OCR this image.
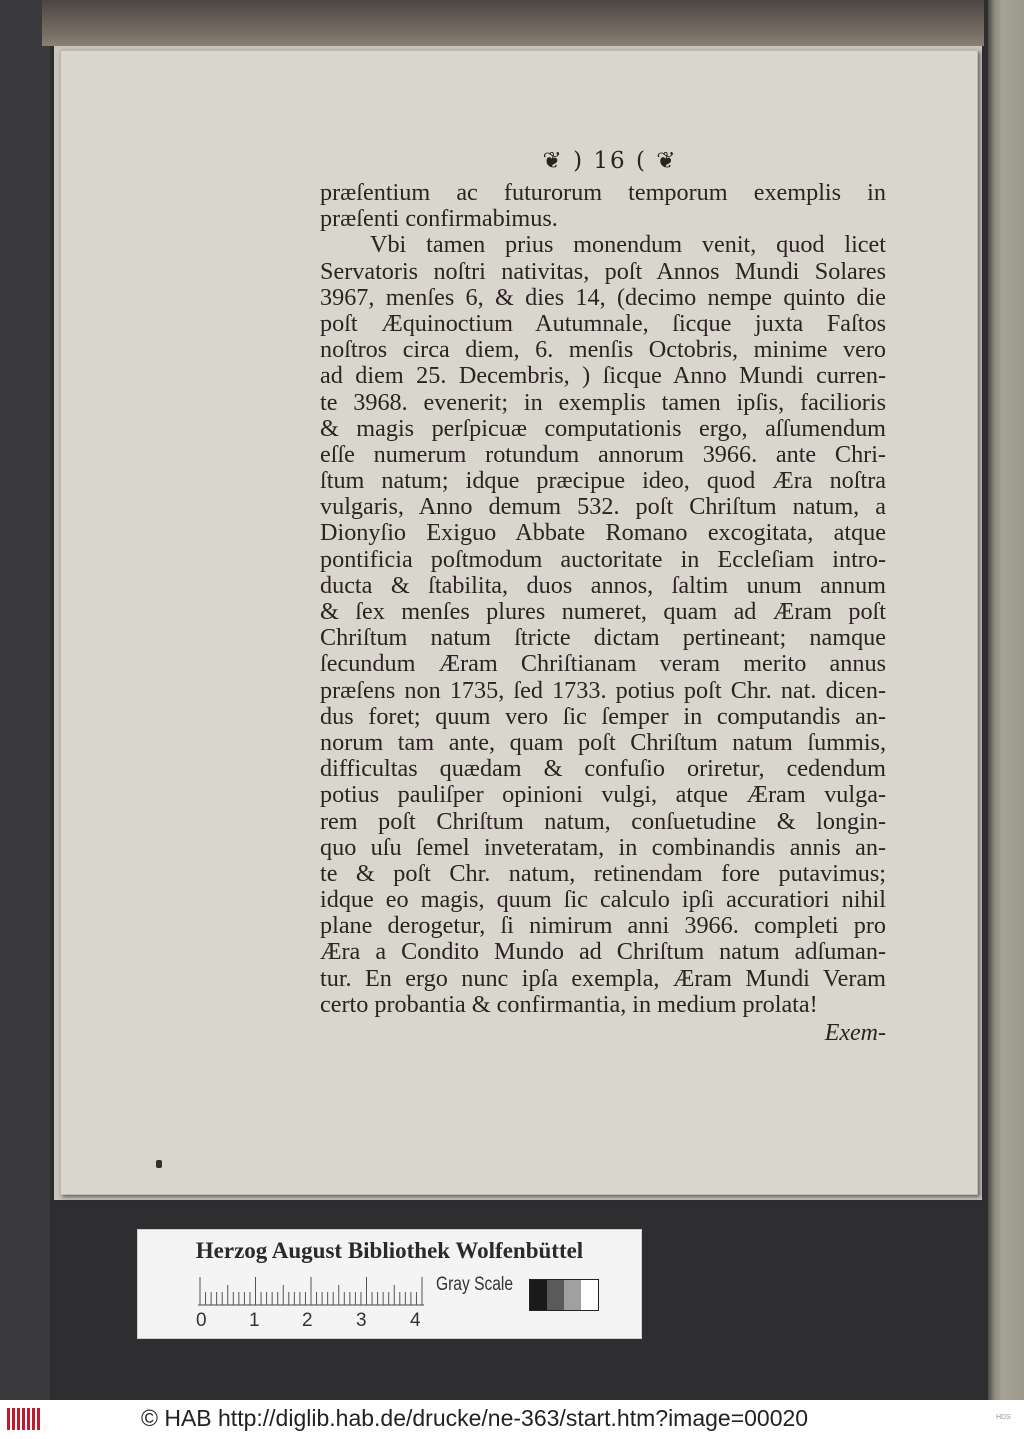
❦ ) 16 ( ❦
præſentium ac futurorum temporum exemplis in
præſenti confirmabimus.
Vbi tamen prius monendum venit, quod licet
Servatoris noſtri nativitas, poſt Annos Mundi Solares
3967, menſes 6, & dies 14, (decimo nempe quinto die
poſt Æquinoctium Autumnale, ſicque juxta Faſtos
noſtros circa diem, 6. menſis Octobris, minime vero
ad diem 25. Decembris, ) ſicque Anno Mundi curren-
te 3968. evenerit; in exemplis tamen ipſis, facilioris
& magis perſpicuæ computationis ergo, aſſumendum
eſſe numerum rotundum annorum 3966. ante Chri-
ſtum natum; idque præcipue ideo, quod Æra noſtra
vulgaris, Anno demum 532. poſt Chriſtum natum, a
Dionyſio Exiguo Abbate Romano excogitata, atque
pontificia poſtmodum auctoritate in Eccleſiam intro-
ducta & ſtabilita, duos annos, ſaltim unum annum
& ſex menſes plures numeret, quam ad Æram poſt
Chriſtum natum ſtricte dictam pertineant; namque
ſecundum Æram Chriſtianam veram merito annus
præſens non 1735, ſed 1733. potius poſt Chr. nat. dicen-
dus foret; quum vero ſic ſemper in computandis an-
norum tam ante, quam poſt Chriſtum natum ſummis,
difficultas quædam & confuſio oriretur, cedendum
potius pauliſper opinioni vulgi, atque Æram vulga-
rem poſt Chriſtum natum, conſuetudine & longin-
quo uſu ſemel inveteratam, in combinandis annis an-
te & poſt Chr. natum, retinendam fore putavimus;
idque eo magis, quum ſic calculo ipſi accuratiori nihil
plane derogetur, ſi nimirum anni 3966. completi pro
Æra a Condito Mundo ad Chriſtum natum adſuman-
tur. En ergo nunc ipſa exempla, Æram Mundi Veram
certo probantia & confirmantia, in medium prolata!
Exem-
Herzog August Bibliothek Wolfenbüttel
0 1 2 3 4
Gray Scale
© HAB http://diglib.hab.de/drucke/ne-363/start.htm?image=00020	HDS
